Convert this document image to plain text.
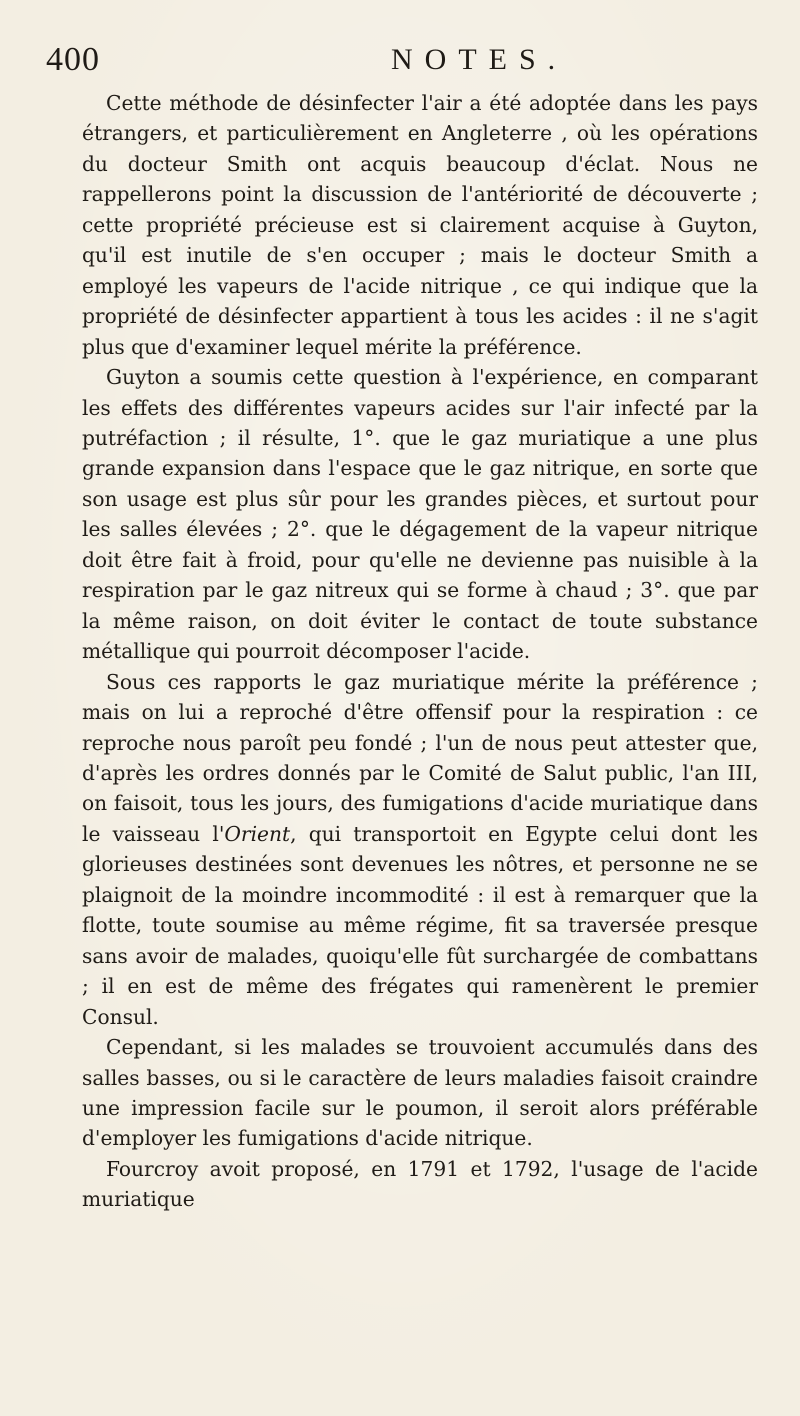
400	NOTES.

Cette méthode de désinfecter l'air a été adoptée dans les pays étrangers, et particulièrement en Angleterre , où les opérations du docteur Smith ont acquis beaucoup d'éclat. Nous ne rappellerons point la discussion de l'antériorité de découverte ; cette propriété précieuse est si clairement acquise à Guyton, qu'il est inutile de s'en occuper ; mais le docteur Smith a employé les vapeurs de l'acide nitrique , ce qui indique que la propriété de désinfecter appartient à tous les acides : il ne s'agit plus que d'examiner lequel mérite la préférence.

Guyton a soumis cette question à l'expérience, en comparant les effets des différentes vapeurs acides sur l'air infecté par la putréfaction ; il résulte, 1°. que le gaz muriatique a une plus grande expansion dans l'espace que le gaz nitrique, en sorte que son usage est plus sûr pour les grandes pièces, et surtout pour les salles élevées ; 2°. que le dégagement de la vapeur nitrique doit être fait à froid, pour qu'elle ne devienne pas nuisible à la respiration par le gaz nitreux qui se forme à chaud ; 3°. que par la même raison, on doit éviter le contact de toute substance métallique qui pourroit décomposer l'acide.

Sous ces rapports le gaz muriatique mérite la préférence ; mais on lui a reproché d'être offensif pour la respiration : ce reproche nous paroît peu fondé ; l'un de nous peut attester que, d'après les ordres donnés par le Comité de Salut public, l'an III, on faisoit, tous les jours, des fumigations d'acide muriatique dans le vaisseau l'Orient, qui transportoit en Egypte celui dont les glorieuses destinées sont devenues les nôtres, et personne ne se plaignoit de la moindre incommodité : il est à remarquer que la flotte, toute soumise au même régime, fit sa traversée presque sans avoir de malades, quoiqu'elle fût surchargée de combattans ; il en est de même des frégates qui ramenèrent le premier Consul.

Cependant, si les malades se trouvoient accumulés dans des salles basses, ou si le caractère de leurs maladies faisoit craindre une impression facile sur le poumon, il seroit alors préférable d'employer les fumigations d'acide nitrique.

Fourcroy avoit proposé, en 1791 et 1792, l'usage de l'acide muriatique
